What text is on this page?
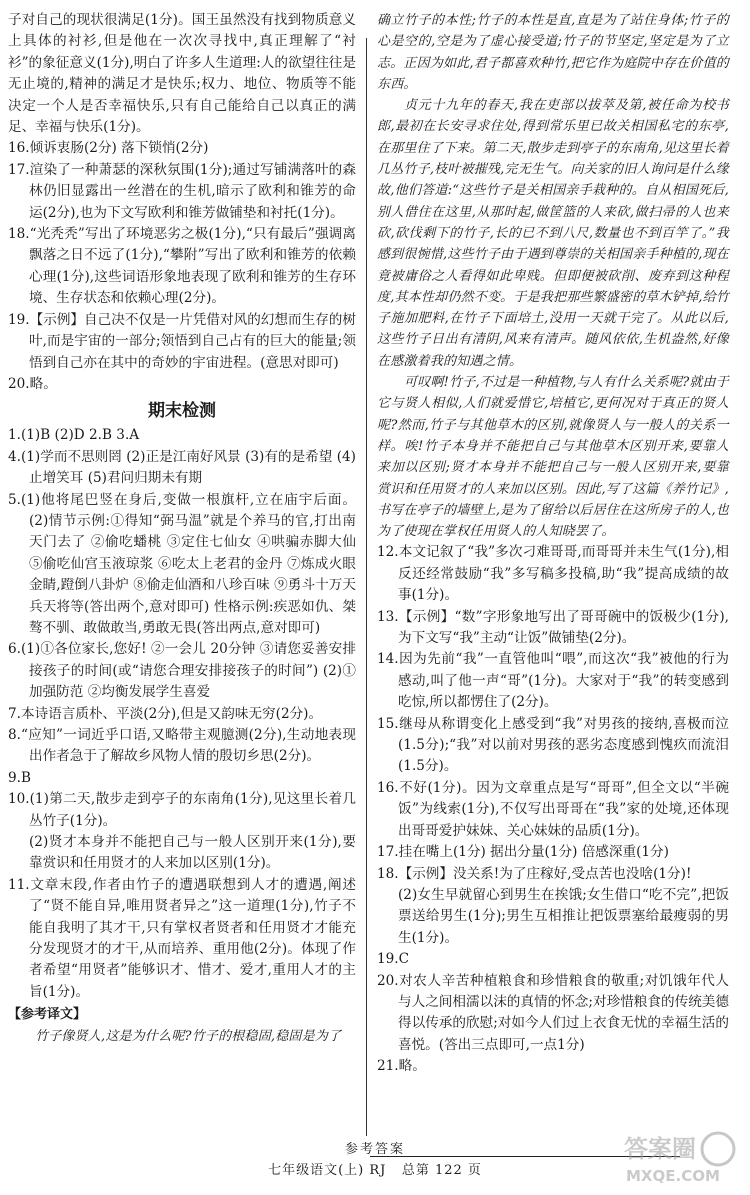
子对自己的现状很满足(1分)。国王虽然没有找到物质意义上具体的衬衫,但是他在一次次寻找中,真正理解了“衬衫”的象征意义(1分),明白了许多人生道理:人的欲望往往是无止境的,精神的满足才是快乐;权力、地位、物质等不能决定一个人是否幸福快乐,只有自己能给自己以真正的满足、幸福与快乐(1分)。

16.倾诉衷肠(2分) 落下锁悄(2分)

17.渲染了一种萧瑟的深秋氛围(1分);通过写铺满落叶的森林仍旧显露出一丝潜在的生机,暗示了欧利和锥芳的命运(2分),也为下文写欧利和锥芳做铺垫和衬托(1分)。

18.“光秃秃”写出了环境恶劣之极(1分),“只有最后”强调离飘落之日不远了(1分),“攀附”写出了欧利和锥芳的依赖心理(1分),这些词语形象地表现了欧利和锥芳的生存环境、生存状态和依赖心理(2分)。

19.【示例】自己决不仅是一片凭借对风的幻想而生存的树叶,而是宇宙的一部分;领悟到自己占有的巨大的能量;领悟到自己亦在其中的奇妙的宇宙进程。(意思对即可)

20.略。

期末检测

1.(1)B (2)D 2.B 3.A

4.(1)学而不思则罔 (2)正是江南好风景 (3)有的是希望 (4)止增笑耳 (5)君问归期未有期

5.(1)他将尾巴竖在身后,变做一根旗杆,立在庙宇后面。 (2)情节示例:①得知“弼马温”就是个养马的官,打出南天门去了 ②偷吃蟠桃 ③定住七仙女 ④哄骗赤脚大仙 ⑤偷吃仙宫玉液琼浆 ⑥吃太上老君的金丹 ⑦炼成火眼金睛,蹬倒八卦炉 ⑧偷走仙酒和八珍百味 ⑨勇斗十万天兵天将等(答出两个,意对即可) 性格示例:疾恶如仇、桀骜不驯、敢做敢当,勇敢无畏(答出两点,意对即可)

6.(1)①各位家长,您好! ②一会儿 20分钟 ③请您妥善安排接孩子的时间(或“请您合理安排接孩子的时间”) (2)①加强防范 ②均衡发展学生喜爱

7.本诗语言质朴、平淡(2分),但是又韵味无穷(2分)。

8.“应知”一词近乎口语,又略带主观臆测(2分),生动地表现出作者急于了解故乡风物人情的殷切乡思(2分)。

9.B

10.(1)第二天,散步走到亭子的东南角(1分),见这里长着几丛竹子(1分)。

(2)贤才本身并不能把自己与一般人区别开来(1分),要靠赏识和任用贤才的人来加以区别(1分)。

11.文章末段,作者由竹子的遭遇联想到人才的遭遇,阐述了“贤不能自异,唯用贤者异之”这一道理(1分),竹子不能自我明了其才干,只有掌权者贤者和任用贤才才能充分发现贤才的才干,从而培养、重用他(2分)。体现了作者希望“用贤者”能够识才、惜才、爱才,重用人才的主旨(1分)。

【参考译文】

竹子像贤人,这是为什么呢?竹子的根稳固,稳固是为了

确立竹子的本性;竹子的本性是直,直是为了站住身体;竹子的心是空的,空是为了虚心接受道;竹子的节坚定,坚定是为了立志。正因为如此,君子都喜欢种竹,把它作为庭院中存在价值的东西。

贞元十九年的春天,我在吏部以拔萃及第,被任命为校书郎,最初在长安寻求住处,得到常乐里已故关相国私宅的东亭,在那里住了下来。第二天,散步走到亭子的东南角,见这里长着几丛竹子,枝叶被摧残,完无生气。向关家的旧人询问是什么缘故,他们答道:“这些竹子是关相国亲手栽种的。自从相国死后,别人借住在这里,从那时起,做筐篮的人来砍,做扫帚的人也来砍,砍伐剩下的竹子,长的已不到八尺,数量也不到百竿了。”我感到很惋惜,这些竹子由于遇到尊崇的关相国亲手种植的,现在竟被庸俗之人看得如此卑贱。但即便被砍削、废弃到这种程度,其本性却仍然不变。于是我把那些繁盛密的草木铲掉,给竹子施加肥料,在竹子下面培土,没用一天就干完了。从此以后,这些竹子日出有清阴,风来有清声。随风依依,生机盎然,好像在感激着我的知遇之情。

可叹啊!竹子,不过是一种植物,与人有什么关系呢?就由于它与贤人相似,人们就爱惜它,培植它,更何况对于真正的贤人呢?然而,竹子与其他草木的区别,就像贤人与一般人的关系一样。唉!竹子本身并不能把自己与其他草木区别开来,要靠人来加以区别;贤才本身并不能把自己与一般人区别开来,要靠赏识和任用贤才的人来加以区别。因此,写了这篇《养竹记》,书写在亭子的墙壁上,是为了留给以后居住在这所房子的人,也为了使现在掌权任用贤人的人知晓罢了。

12.本文记叙了“我”多次刁难哥哥,而哥哥并未生气(1分),相反还经常鼓励“我”多写稿多投稿,助“我”提高成绩的故事(1分)。

13.【示例】“数”字形象地写出了哥哥碗中的饭极少(1分),为下文写“我”主动“让饭”做铺垫(2分)。

14.因为先前“我”一直管他叫“喂”,而这次“我”被他的行为感动,叫了他一声“哥”(1分)。大家对于“我”的转变感到吃惊,所以都愣住了(2分)。

15.继母从称谓变化上感受到“我”对男孩的接纳,喜极而泣(1.5分);“我”对以前对男孩的恶劣态度感到愧疚而流泪(1.5分)。

16.不好(1分)。因为文章重点是写“哥哥”,但全文以“半碗饭”为线索(1分),不仅写出哥哥在“我”家的处境,还体现出哥哥爱护妹妹、关心妹妹的品质(1分)。

17.挂在嘴上(1分) 据出分量(1分) 倍感深重(1分)

18.【示例】没关系!为了庄稼好,受点苦也没啥(1分)!

(2)女生早就留心到男生在挨饿;女生借口“吃不完”,把饭票送给男生(1分);男生互相推让把饭票塞给最瘦弱的男生(1分)。

19.C

20.对农人辛苦种植粮食和珍惜粮食的敬重;对饥饿年代人与人之间相濡以沫的真情的怀念;对珍惜粮食的传统美德得以传承的欣慰;对如今人们过上衣食无忧的幸福生活的喜悦。(答出三点即可,一点1分)

21.略。

参考答案
七年级语文(上) RJ 总第 122 页
答案圈
MXQE.COM
